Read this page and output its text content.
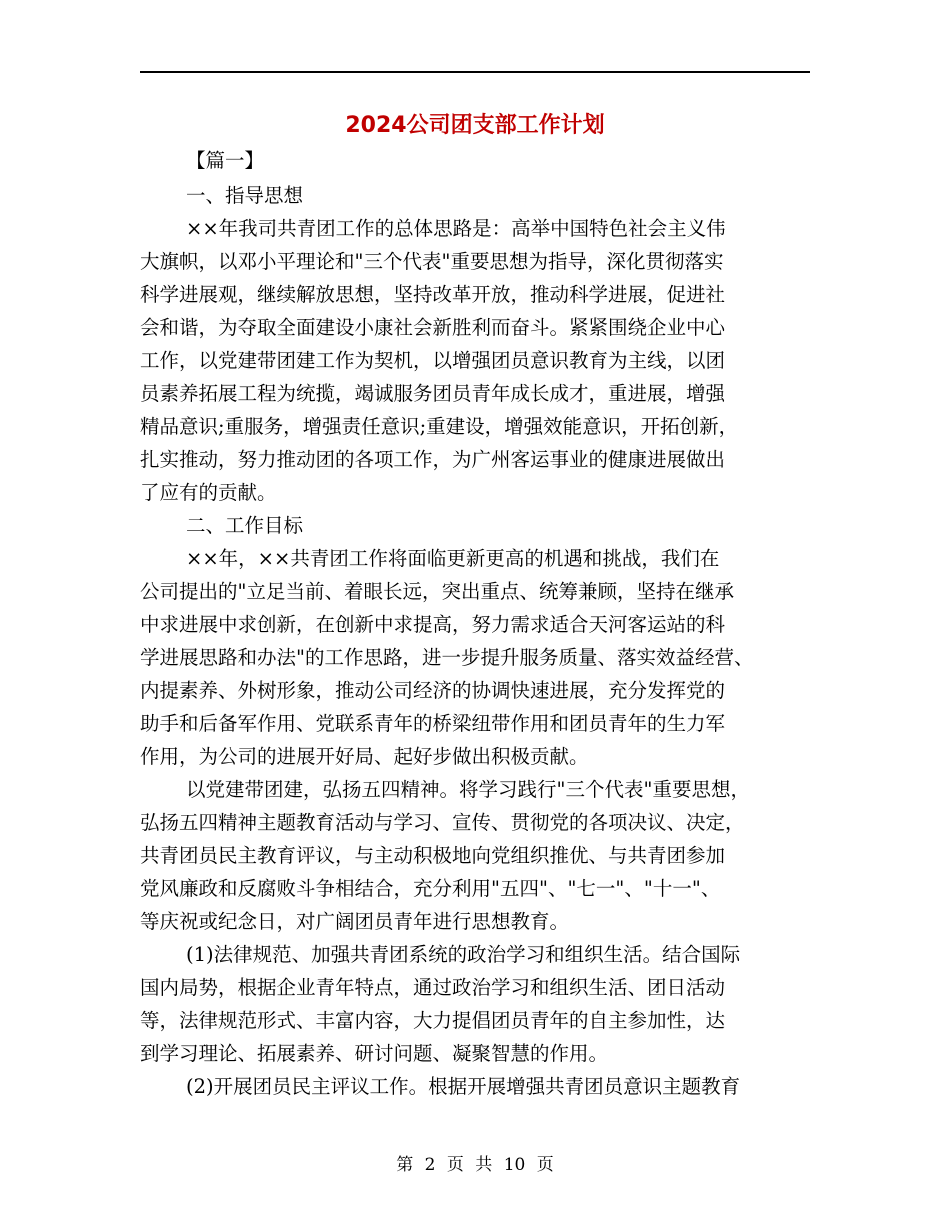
2024公司团支部工作计划
【篇一】
一、指导思想
××年我司共青团工作的总体思路是：高举中国特色社会主义伟
大旗帜，以邓小平理论和"三个代表"重要思想为指导，深化贯彻落实
科学进展观，继续解放思想，坚持改革开放，推动科学进展，促进社
会和谐，为夺取全面建设小康社会新胜利而奋斗。紧紧围绕企业中心
工作，以党建带团建工作为契机，以增强团员意识教育为主线，以团
员素养拓展工程为统揽，竭诚服务团员青年成长成才，重进展，增强
精品意识;重服务，增强责任意识;重建设，增强效能意识，开拓创新，
扎实推动，努力推动团的各项工作，为广州客运事业的健康进展做出
了应有的贡献。
二、工作目标
××年，××共青团工作将面临更新更高的机遇和挑战，我们在
公司提出的"立足当前、着眼长远，突出重点、统筹兼顾，坚持在继承
中求进展中求创新，在创新中求提高，努力需求适合天河客运站的科
学进展思路和办法"的工作思路，进一步提升服务质量、落实效益经营、
内提素养、外树形象，推动公司经济的协调快速进展，充分发挥党的
助手和后备军作用、党联系青年的桥梁纽带作用和团员青年的生力军
作用，为公司的进展开好局、起好步做出积极贡献。
以党建带团建，弘扬五四精神。将学习践行"三个代表"重要思想，
弘扬五四精神主题教育活动与学习、宣传、贯彻党的各项决议、决定，
共青团员民主教育评议，与主动积极地向党组织推优、与共青团参加
党风廉政和反腐败斗争相结合，充分利用"五四"、"七一"、"十一"、
等庆祝或纪念日，对广阔团员青年进行思想教育。
(1)法律规范、加强共青团系统的政治学习和组织生活。结合国际
国内局势，根据企业青年特点，通过政治学习和组织生活、团日活动
等，法律规范形式、丰富内容，大力提倡团员青年的自主参加性，达
到学习理论、拓展素养、研讨问题、凝聚智慧的作用。
(2)开展团员民主评议工作。根据开展增强共青团员意识主题教育
第 2 页 共 10 页
